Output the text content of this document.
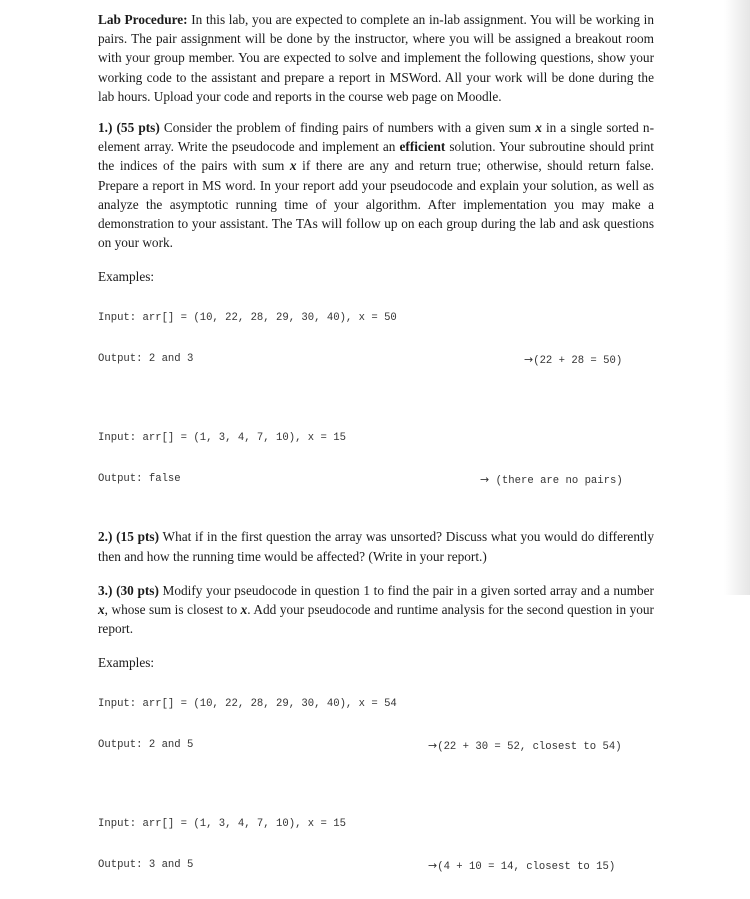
Lab Procedure: In this lab, you are expected to complete an in-lab assignment. You will be working in pairs. The pair assignment will be done by the instructor, where you will be assigned a breakout room with your group member. You are expected to solve and implement the following questions, show your working code to the assistant and prepare a report in MSWord. All your work will be done during the lab hours. Upload your code and reports in the course web page on Moodle.

1.) (55 pts) Consider the problem of finding pairs of numbers with a given sum x in a single sorted n-element array. Write the pseudocode and implement an efficient solution. Your subroutine should print the indices of the pairs with sum x if there are any and return true; otherwise, should return false. Prepare a report in MS word. In your report add your pseudocode and explain your solution, as well as analyze the asymptotic running time of your algorithm. After implementation you may make a demonstration to your assistant. The TAs will follow up on each group during the lab and ask questions on your work.

Examples:

Input: arr[] = (10, 22, 28, 29, 30, 40), x = 50

Output: 2 and 3	→(22 + 28 = 50)

Input: arr[] = (1, 3, 4, 7, 10), x = 15

Output: false	→ (there are no pairs)

2.) (15 pts) What if in the first question the array was unsorted? Discuss what you would do differently then and how the running time would be affected? (Write in your report.)

3.) (30 pts) Modify your pseudocode in question 1 to find the pair in a given sorted array and a number x, whose sum is closest to x. Add your pseudocode and runtime analysis for the second question in your report.

Examples:

Input: arr[] = (10, 22, 28, 29, 30, 40), x = 54

Output: 2 and 5	→(22 + 30 = 52, closest to 54)

Input: arr[] = (1, 3, 4, 7, 10), x = 15

Output: 3 and 5	→(4 + 10 = 14, closest to 15)
